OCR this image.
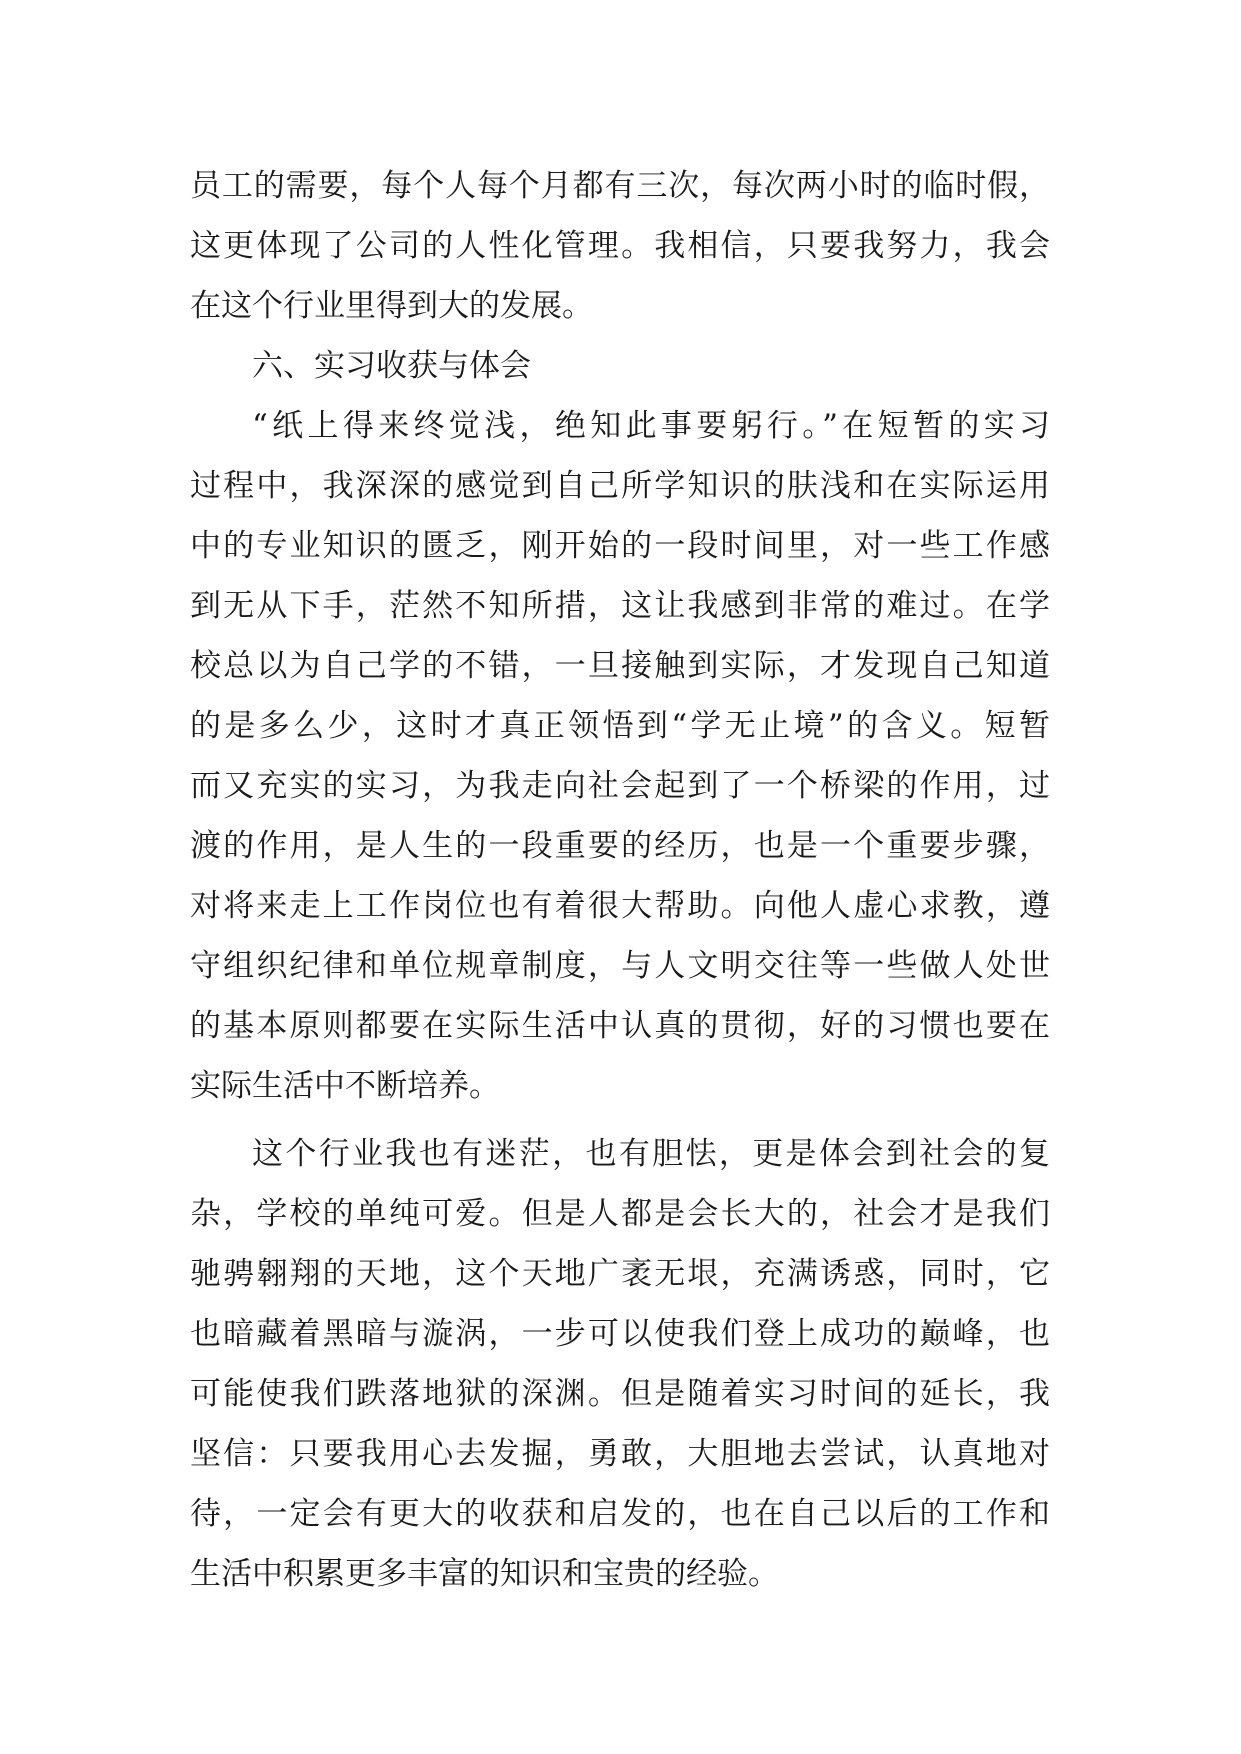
员工的需要，每个人每个月都有三次，每次两小时的临时假，
这更体现了公司的人性化管理。我相信，只要我努力，我会
在这个行业里得到大的发展。
六、实习收获与体会
“纸上得来终觉浅，绝知此事要躬行。”在短暂的实习
过程中，我深深的感觉到自己所学知识的肤浅和在实际运用
中的专业知识的匮乏，刚开始的一段时间里，对一些工作感
到无从下手，茫然不知所措，这让我感到非常的难过。在学
校总以为自己学的不错，一旦接触到实际，才发现自己知道
的是多么少，这时才真正领悟到“学无止境”的含义。短暂
而又充实的实习，为我走向社会起到了一个桥梁的作用，过
渡的作用，是人生的一段重要的经历，也是一个重要步骤，
对将来走上工作岗位也有着很大帮助。向他人虚心求教，遵
守组织纪律和单位规章制度，与人文明交往等一些做人处世
的基本原则都要在实际生活中认真的贯彻，好的习惯也要在
实际生活中不断培养。
这个行业我也有迷茫，也有胆怯，更是体会到社会的复
杂，学校的单纯可爱。但是人都是会长大的，社会才是我们
驰骋翱翔的天地，这个天地广袤无垠，充满诱惑，同时，它
也暗藏着黑暗与漩涡，一步可以使我们登上成功的巅峰，也
可能使我们跌落地狱的深渊。但是随着实习时间的延长，我
坚信：只要我用心去发掘，勇敢，大胆地去尝试，认真地对
待，一定会有更大的收获和启发的，也在自己以后的工作和
生活中积累更多丰富的知识和宝贵的经验。
